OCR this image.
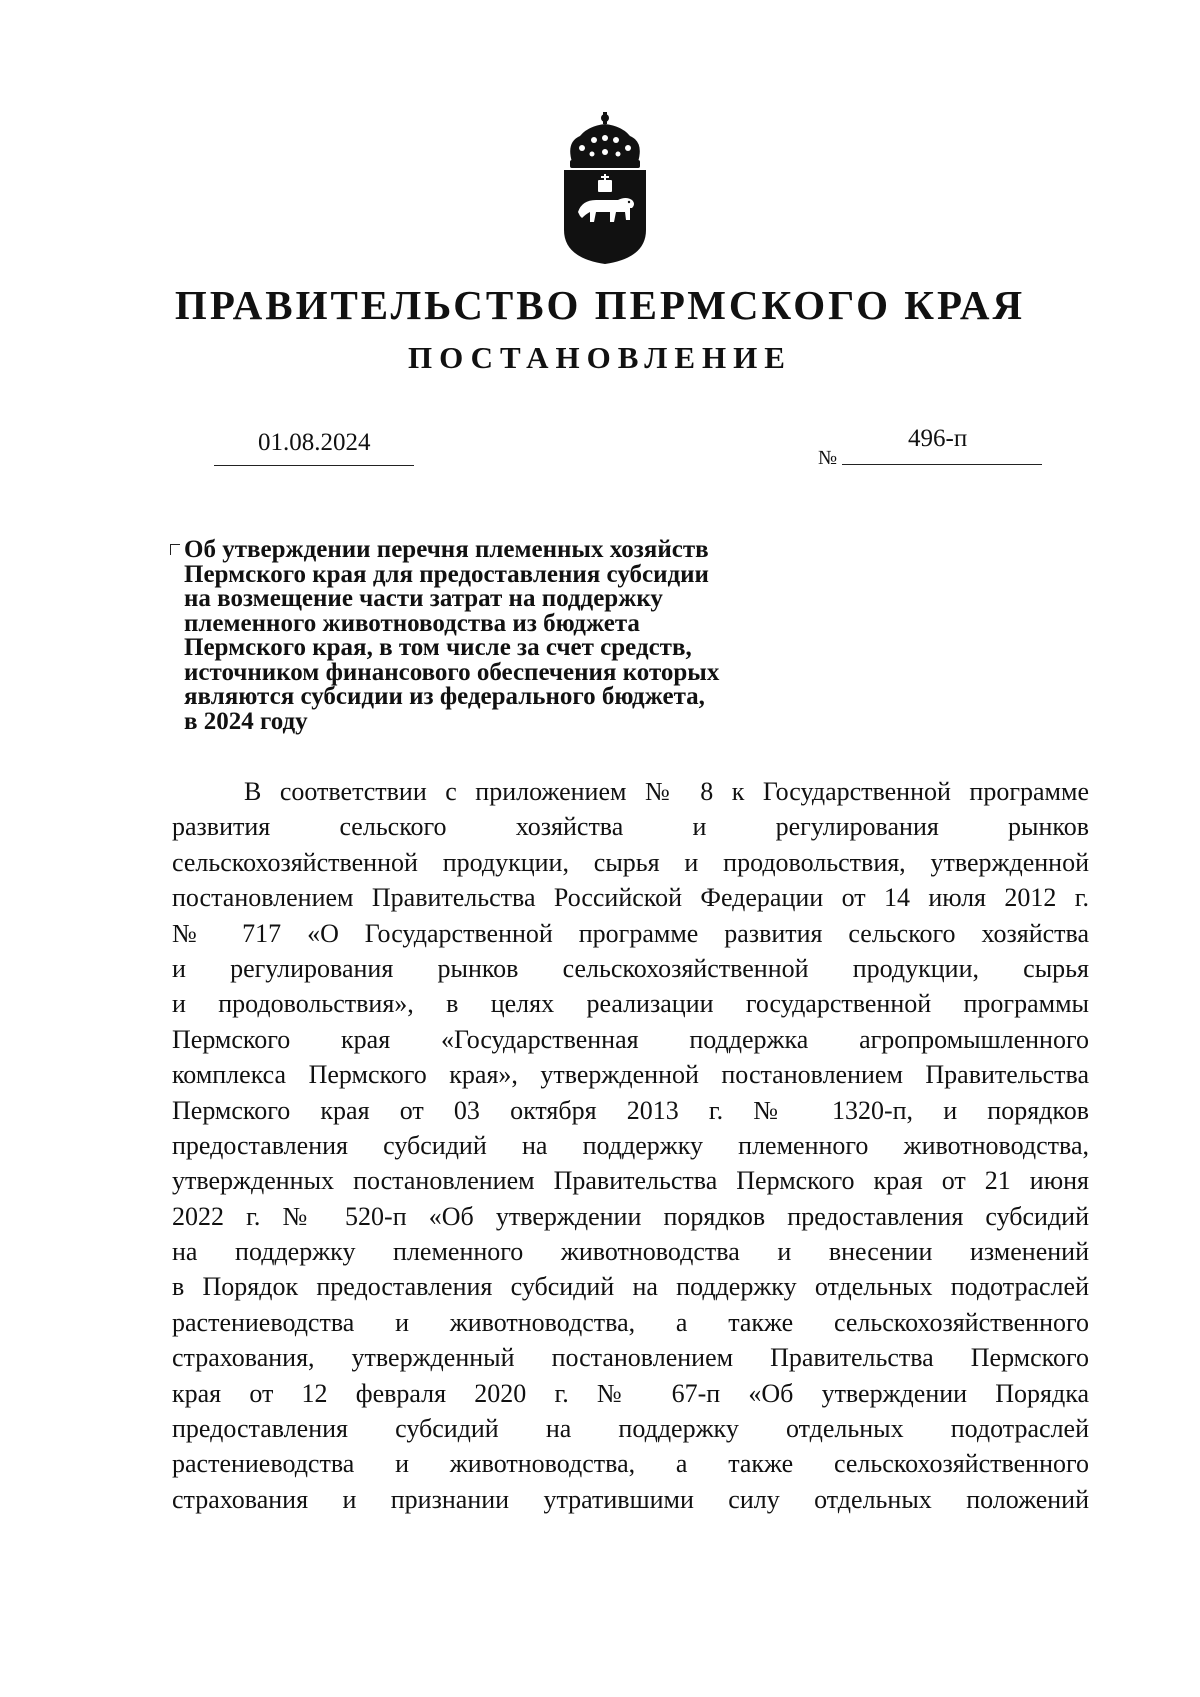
ПРАВИТЕЛЬСТВО ПЕРМСКОГО КРАЯ
ПОСТАНОВЛЕНИЕ
01.08.2024
№
496-п
Об утверждении перечня племенных хозяйств
Пермского края для предоставления субсидии
на возмещение части затрат на поддержку
племенного животноводства из бюджета
Пермского края, в том числе за счет средств,
источником финансового обеспечения которых
являются субсидии из федерального бюджета,
в 2024 году
В соответствии с приложением № 8 к Государственной программе
развития сельского хозяйства и регулирования рынков
сельскохозяйственной продукции, сырья и продовольствия, утвержденной
постановлением Правительства Российской Федерации от 14 июля 2012 г.
№ 717 «О Государственной программе развития сельского хозяйства
и регулирования рынков сельскохозяйственной продукции, сырья
и продовольствия», в целях реализации государственной программы
Пермского края «Государственная поддержка агропромышленного
комплекса Пермского края», утвержденной постановлением Правительства
Пермского края от 03 октября 2013 г. № 1320-п, и порядков
предоставления субсидий на поддержку племенного животноводства,
утвержденных постановлением Правительства Пермского края от 21 июня
2022 г. № 520-п «Об утверждении порядков предоставления субсидий
на поддержку племенного животноводства и внесении изменений
в Порядок предоставления субсидий на поддержку отдельных подотраслей
растениеводства и животноводства, а также сельскохозяйственного
страхования, утвержденный постановлением Правительства Пермского
края от 12 февраля 2020 г. № 67-п «Об утверждении Порядка
предоставления субсидий на поддержку отдельных подотраслей
растениеводства и животноводства, а также сельскохозяйственного
страхования и признании утратившими силу отдельных положений
